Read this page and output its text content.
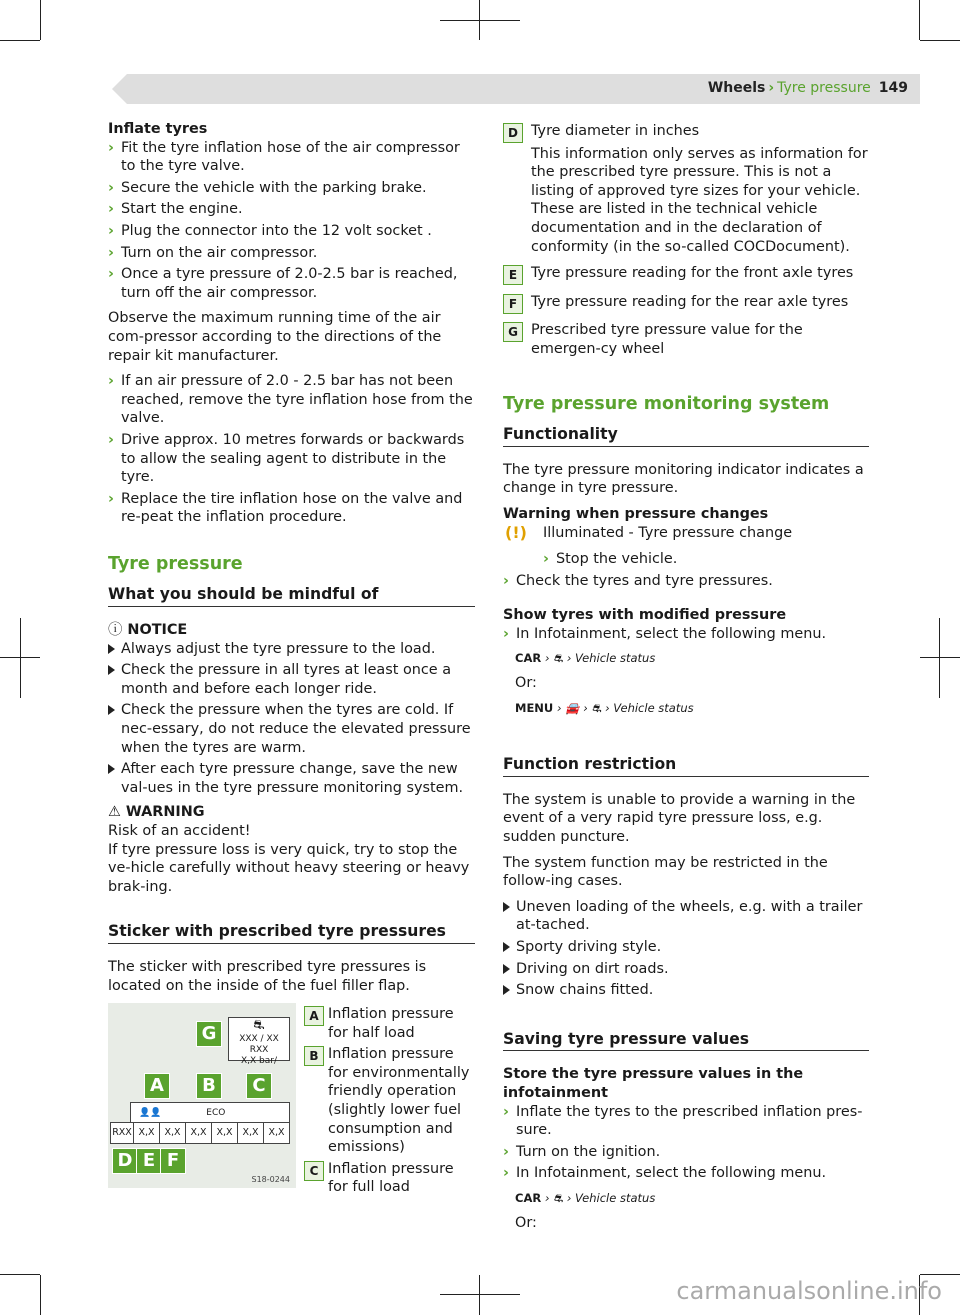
Wheels › Tyre pressure 149
Inflate tyres
› Fit the tyre inflation hose of the air compressor to the tyre valve.
› Secure the vehicle with the parking brake.
› Start the engine.
› Plug the connector into the 12 volt socket .
› Turn on the air compressor.
› Once a tyre pressure of 2.0-2.5 bar is reached, turn off the air compressor.

Observe the maximum running time of the air com-pressor according to the directions of the repair kit manufacturer.

› If an air pressure of 2.0 - 2.5 bar has not been reached, remove the tyre inflation hose from the valve.
› Drive approx. 10 metres forwards or backwards to allow the sealing agent to distribute in the tyre.
› Replace the tire inflation hose on the valve and re-peat the inflation procedure.
Tyre pressure
What you should be mindful of
ⓘ NOTICE
Always adjust the tyre pressure to the load.
Check the pressure in all tyres at least once a month and before each longer ride.
Check the pressure when the tyres are cold. If nec-essary, do not reduce the elevated pressure when the tyres are warm.
After each tyre pressure change, save the new val-ues in the tyre pressure monitoring system.
⚠ WARNING
Risk of an accident!
If tyre pressure loss is very quick, try to stop the ve-hicle carefully without heavy steering or heavy brak-ing.
Sticker with prescribed tyre pressures

The sticker with prescribed tyre pressures is located on the inside of the fuel filler flap.

⛐
XXX / XX RXX
X,X bar/
G
A	B	C
👤👤	ECO
RXX X,X	X,X	X,X	X,X	X,X	X,X
D E F
S18-0244
A Inflation pressure for half load
B Inflation pressure for environmentally friendly operation (slightly lower fuel consumption and emissions)
C Inflation pressure for full load
D Tyre diameter in inches
This information only serves as information for the prescribed tyre pressure. This is not a listing of approved tyre sizes for your vehicle. These are listed in the technical vehicle documentation and in the declaration of conformity (in the so-called COCDocument).
E Tyre pressure reading for the front axle tyres
F Tyre pressure reading for the rear axle tyres
G Prescribed tyre pressure value for the emergen-cy wheel
Tyre pressure monitoring system
Functionality

The tyre pressure monitoring indicator indicates a change in tyre pressure.

Warning when pressure changes
(!) Illuminated - Tyre pressure change
› Stop the vehicle.
› Check the tyres and tyre pressures.
Show tyres with modified pressure
› In Infotainment, select the following menu.
CAR › ⛐ › Vehicle status
Or:
MENU › 🚘 › ⛐ › Vehicle status
Function restriction

The system is unable to provide a warning in the event of a very rapid tyre pressure loss, e.g. sudden puncture.

The system function may be restricted in the follow-ing cases.

Uneven loading of the wheels, e.g. with a trailer at-tached.
Sporty driving style.
Driving on dirt roads.
Snow chains fitted.
Saving tyre pressure values
Store the tyre pressure values in the infotainment
› Inflate the tyres to the prescribed inflation pres-sure.
› Turn on the ignition.
› In Infotainment, select the following menu.
CAR › ⛐ › Vehicle status
Or:
carmanualsonline.info
